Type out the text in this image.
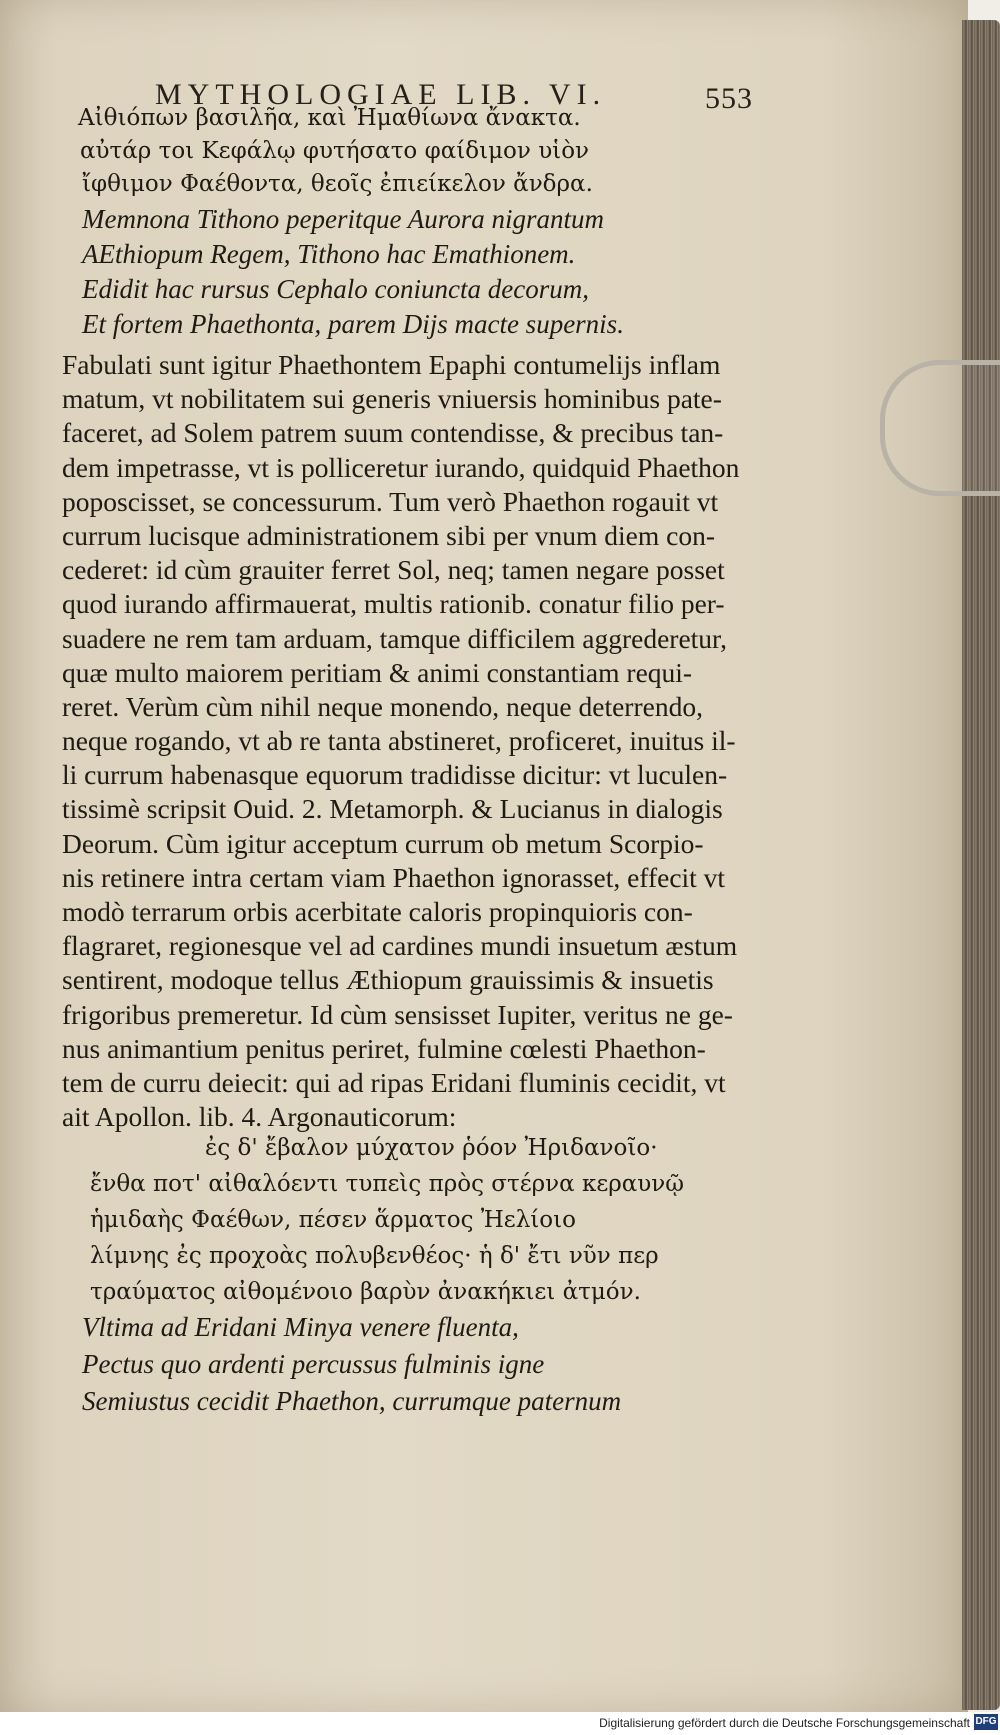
MYTHOLOGIAE LIB. VI.	553
Αἰθιόπων βασιλῆα, καὶ Ἠμαθίωνα ἄνακτα.
αὐτάρ τοι Κεφάλῳ φυτήσατο φαίδιμον υἱὸν
ἴφθιμον Φαέθοντα, θεοῖς ἐπιείκελον ἄνδρα.
Memnona Tithono peperitque Aurora nigrantum
AEthiopum Regem, Tithono hac Emathionem.
Edidit hac rursus Cephalo coniuncta decorum,
Et fortem Phaethonta, parem Dijs macte supernis.
Fabulati sunt igitur Phaethontem Epaphi contumelijs inflam
matum, vt nobilitatem sui generis vniuersis hominibus pate-
faceret, ad Solem patrem suum contendisse, & precibus tan-
dem impetrasse, vt is polliceretur iurando, quidquid Phaethon
poposcisset, se concessurum. Tum verò Phaethon rogauit vt
currum lucisque administrationem sibi per vnum diem con-
cederet: id cùm grauiter ferret Sol, neq; tamen negare posset
quod iurando affirmauerat, multis rationib. conatur filio per-
suadere ne rem tam arduam, tamque difficilem aggrederetur,
quæ multo maiorem peritiam & animi constantiam requi-
reret. Verùm cùm nihil neque monendo, neque deterrendo,
neque rogando, vt ab re tanta abstineret, proficeret, inuitus il-
li currum habenasque equorum tradidisse dicitur: vt luculen-
tissimè scripsit Ouid. 2. Metamorph. & Lucianus in dialogis
Deorum. Cùm igitur acceptum currum ob metum Scorpio-
nis retinere intra certam viam Phaethon ignorasset, effecit vt
modò terrarum orbis acerbitate caloris propinquioris con-
flagraret, regionesque vel ad cardines mundi insuetum æstum
sentirent, modoque tellus Æthiopum grauissimis & insuetis
frigoribus premeretur. Id cùm sensisset Iupiter, veritus ne ge-
nus animantium penitus periret, fulmine cœlesti Phaethon-
tem de curru deiecit: qui ad ripas Eridani fluminis cecidit, vt
ait Apollon. lib. 4. Argonauticorum:
ἐς δ' ἔβαλον μύχατον ῥόον Ἠριδανοῖο·
ἔνθα ποτ' αἰθαλόεντι τυπεὶς πρὸς στέρνα κεραυνῷ
ἡμιδαὴς Φαέθων, πέσεν ἅρματος Ἠελίοιο
λίμνης ἐς προχοὰς πολυβενθέος· ἡ δ' ἔτι νῦν περ
τραύματος αἰθομένοιο βαρὺν ἀνακήκιει ἀτμόν.
Vltima ad Eridani Minya venere fluenta,
Pectus quo ardenti percussus fulminis igne
Semiustus cecidit Phaethon, currumque paternum
Digitalisierung gefördert durch die Deutsche Forschungsgemeinschaft DFG
